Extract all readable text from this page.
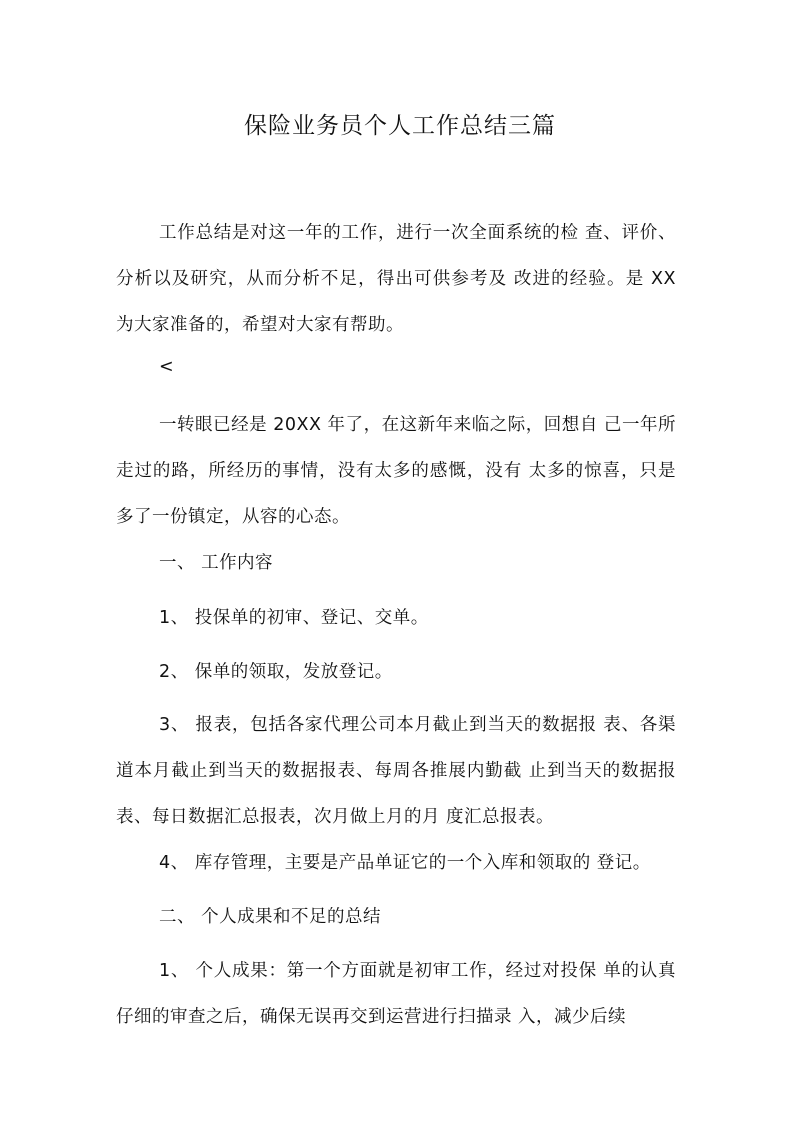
保险业务员个人工作总结三篇

工作总结是对这一年的工作，进行一次全面系统的检 查、评价、分析以及研究，从而分析不足，得出可供参考及 改进的经验。是 XX 为大家准备的，希望对大家有帮助。

<

一转眼已经是 20XX 年了，在这新年来临之际，回想自 己一年所走过的路，所经历的事情，没有太多的感慨，没有 太多的惊喜，只是多了一份镇定，从容的心态。

一、 工作内容

1、 投保单的初审、登记、交单。

2、 保单的领取，发放登记。

3、 报表，包括各家代理公司本月截止到当天的数据报 表、各渠道本月截止到当天的数据报表、每周各推展内勤截 止到当天的数据报表、每日数据汇总报表，次月做上月的月 度汇总报表。

4、 库存管理，主要是产品单证它的一个入库和领取的 登记。

二、 个人成果和不足的总结

1、 个人成果：第一个方面就是初审工作，经过对投保 单的认真仔细的审查之后，确保无误再交到运营进行扫描录 入，减少后续
